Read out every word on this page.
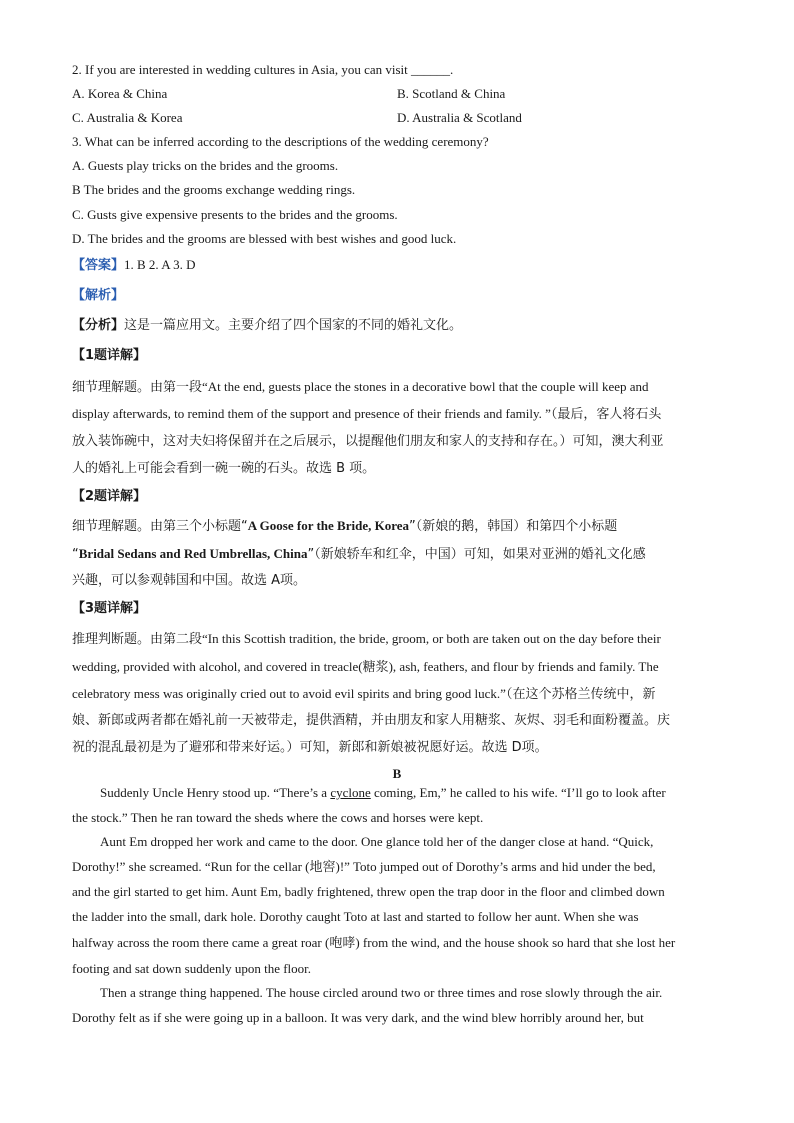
2. If you are interested in wedding cultures in Asia, you can visit ______.
A. Korea & China	B. Scotland & China
C. Australia & Korea	D. Australia & Scotland
3. What can be inferred according to the descriptions of the wedding ceremony?
A. Guests play tricks on the brides and the grooms.
B The brides and the grooms exchange wedding rings.
C. Gusts give expensive presents to the brides and the grooms.
D. The brides and the grooms are blessed with best wishes and good luck.
【答案】1. B 2. A 3. D
【解析】
【分析】这是一篇应用文。主要介绍了四个国家的不同的婚礼文化。
【1题详解】
细节理解题。由第一段“At the end, guests place the stones in a decorative bowl that the couple will keep and
display afterwards, to remind them of the support and presence of their friends and family. ”（最后，客人将石头
放入装饰碗中，这对夫妇将保留并在之后展示，以提醒他们朋友和家人的支持和存在。）可知，澳大利亚
人的婚礼上可能会看到一碗一碗的石头。故选 B 项。
【2题详解】
细节理解题。由第三个小标题“A Goose for the Bride, Korea”（新娘的鹅，韩国）和第四个小标题
“Bridal Sedans and Red Umbrellas, China”（新娘轿车和红伞，中国）可知，如果对亚洲的婚礼文化感
兴趣，可以参观韩国和中国。故选 A项。
【3题详解】
推理判断题。由第二段“In this Scottish tradition, the bride, groom, or both are taken out on the day before their
wedding, provided with alcohol, and covered in treacle(糖浆), ash, feathers, and flour by friends and family. The
celebratory mess was originally cried out to avoid evil spirits and bring good luck.”（在这个苏格兰传统中，新
娘、新郎或两者都在婚礼前一天被带走，提供酒精，并由朋友和家人用糖浆、灰烬、羽毛和面粉覆盖。庆
祝的混乱最初是为了避邪和带来好运。）可知，新郎和新娘被祝愿好运。故选 D项。
B
Suddenly Uncle Henry stood up. “There’s a cyclone coming, Em,” he called to his wife. “I’ll go to look after
the stock.” Then he ran toward the sheds where the cows and horses were kept.
Aunt Em dropped her work and came to the door. One glance told her of the danger close at hand. “Quick,
Dorothy!” she screamed. “Run for the cellar (地窖)!” Toto jumped out of Dorothy’s arms and hid under the bed,
and the girl started to get him. Aunt Em, badly frightened, threw open the trap door in the floor and climbed down
the ladder into the small, dark hole. Dorothy caught Toto at last and started to follow her aunt. When she was
halfway across the room there came a great roar (咆哮) from the wind, and the house shook so hard that she lost her
footing and sat down suddenly upon the floor.
Then a strange thing happened. The house circled around two or three times and rose slowly through the air.
Dorothy felt as if she were going up in a balloon. It was very dark, and the wind blew horribly around her, but
